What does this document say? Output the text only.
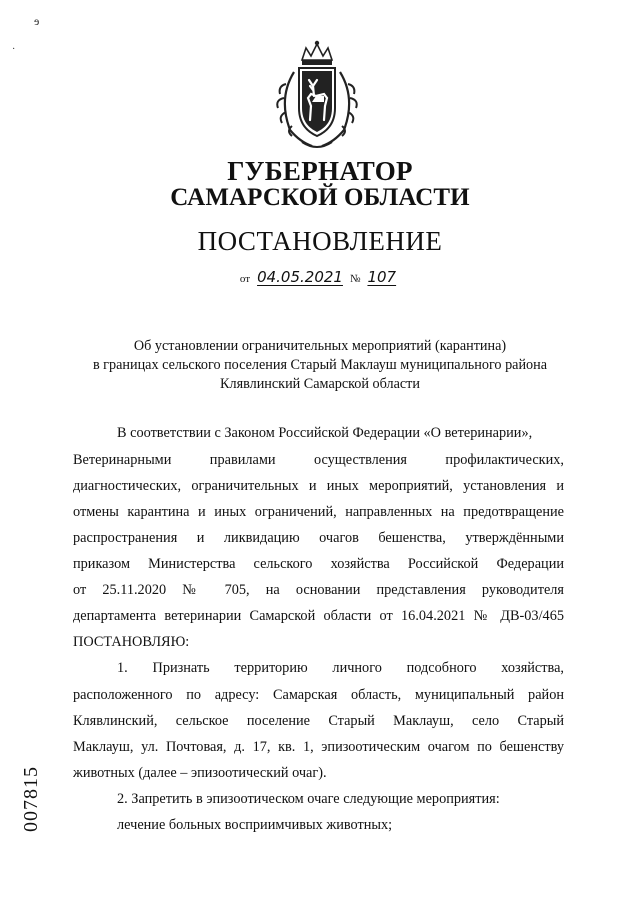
ɘ
·
ГУБЕРНАТОР
САМАРСКОЙ ОБЛАСТИ
ПОСТАНОВЛЕНИЕ
от 04.05.2021 № 107
Об установлении ограничительных мероприятий (карантина)
в границах сельского поселения Старый Маклауш муниципального района
Клявлинский Самарской области
В соответствии с Законом Российской Федерации «О ветеринарии»,
Ветеринарными правилами осуществления профилактических,
диагностических, ограничительных и иных мероприятий, установления и
отмены карантина и иных ограничений, направленных на предотвращение
распространения и ликвидацию очагов бешенства, утверждёнными
приказом Министерства сельского хозяйства Российской Федерации
от 25.11.2020 № 705, на основании представления руководителя
департамента ветеринарии Самарской области от 16.04.2021 № ДВ-03/465
ПОСТАНОВЛЯЮ:
1. Признать территорию личного подсобного хозяйства,
расположенного по адресу: Самарская область, муниципальный район
Клявлинский, сельское поселение Старый Маклауш, село Старый
Маклауш, ул. Почтовая, д. 17, кв. 1, эпизоотическим очагом по бешенству
животных (далее – эпизоотический очаг).
2. Запретить в эпизоотическом очаге следующие мероприятия:
лечение больных восприимчивых животных;
007815
